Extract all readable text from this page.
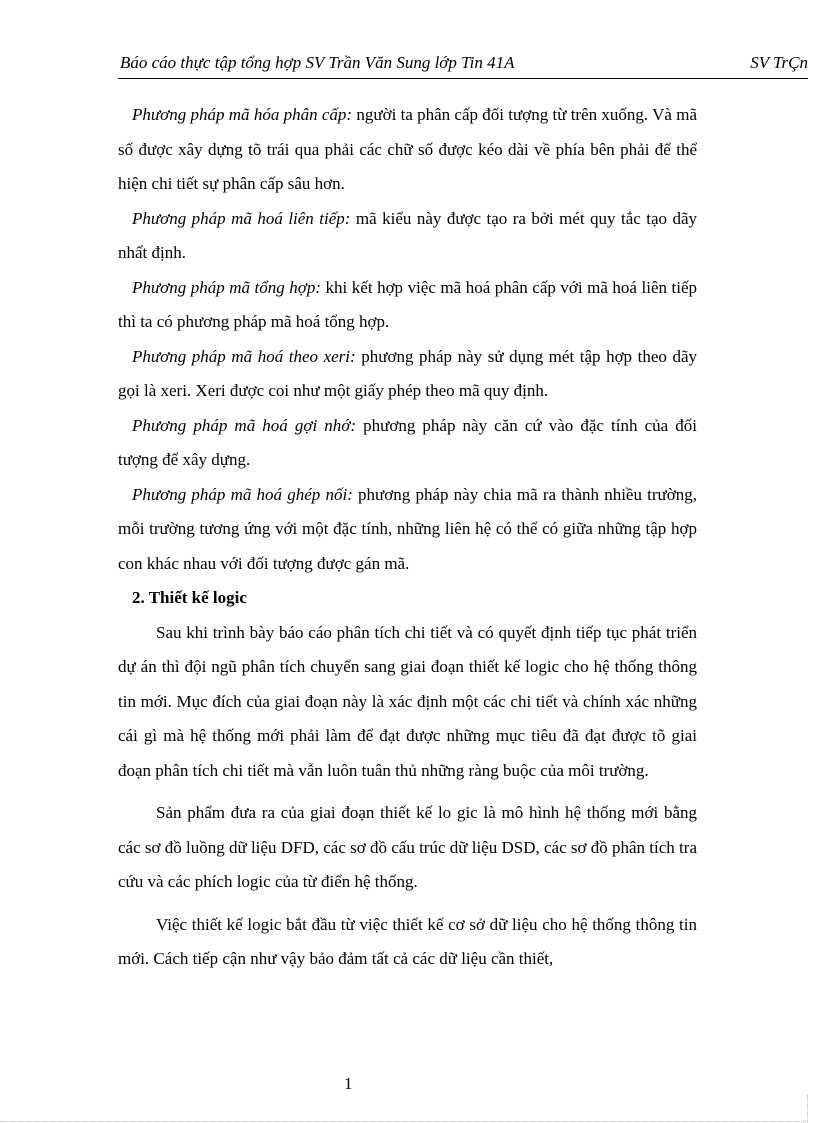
Báo cáo thực tập tổng hợp SV Trần Văn Sung lớp Tin 41A	SV TrÇn

Phương pháp mã hóa phân cấp: người ta phân cấp đối tượng từ trên xuống. Và mã số được xây dựng tõ trái qua phải các chữ số được kéo dài về phía bên phải để thể hiện chi tiết sự phân cấp sâu hơn.

Phương pháp mã hoá liên tiếp: mã kiểu này được tạo ra bởi mét quy tắc tạo dãy nhất định.

Phương pháp mã tổng hợp: khi kết hợp việc mã hoá phân cấp với mã hoá liên tiếp thì ta có phương pháp mã hoá tổng hợp.

Phương pháp mã hoá theo xeri: phương pháp này sử dụng mét tập hợp theo dãy gọi là xeri. Xeri được coi như một giấy phép theo mã quy định.

Phương pháp mã hoá gợi nhớ: phương pháp này căn cứ vào đặc tính của đối tượng để xây dựng.

Phương pháp mã hoá ghép nối: phương pháp này chia mã ra thành nhiều trường, mỗi trường tương ứng với một đặc tính, những liên hệ có thể có giữa những tập hợp con khác nhau với đối tượng được gán mã.

2. Thiết kế logic

Sau khi trình bày báo cáo phân tích chi tiết và có quyết định tiếp tục phát triển dự án thì đội ngũ phân tích chuyển sang giai đoạn thiết kế logic cho hệ thống thông tin mới. Mục đích của giai đoạn này là xác định một các chi tiết và chính xác những cái gì mà hệ thống mới phải làm để đạt được những mục tiêu đã đạt được tõ giai đoạn phân tích chi tiết mà vẫn luôn tuân thủ những ràng buộc của môi trường.

Sản phẩm đưa ra của giai đoạn thiết kế lo gic là mô hình hệ thống mới bằng các sơ đồ luồng dữ liệu DFD, các sơ đồ cấu trúc dữ liệu DSD, các sơ đồ phân tích tra cứu và các phích logic của từ điển hệ thống.

Việc thiết kế logic bắt đầu từ việc thiết kế cơ sở dữ liệu cho hệ thống thông tin mới. Cách tiếp cận như vậy bảo đảm tất cả các dữ liệu cần thiết,

1
